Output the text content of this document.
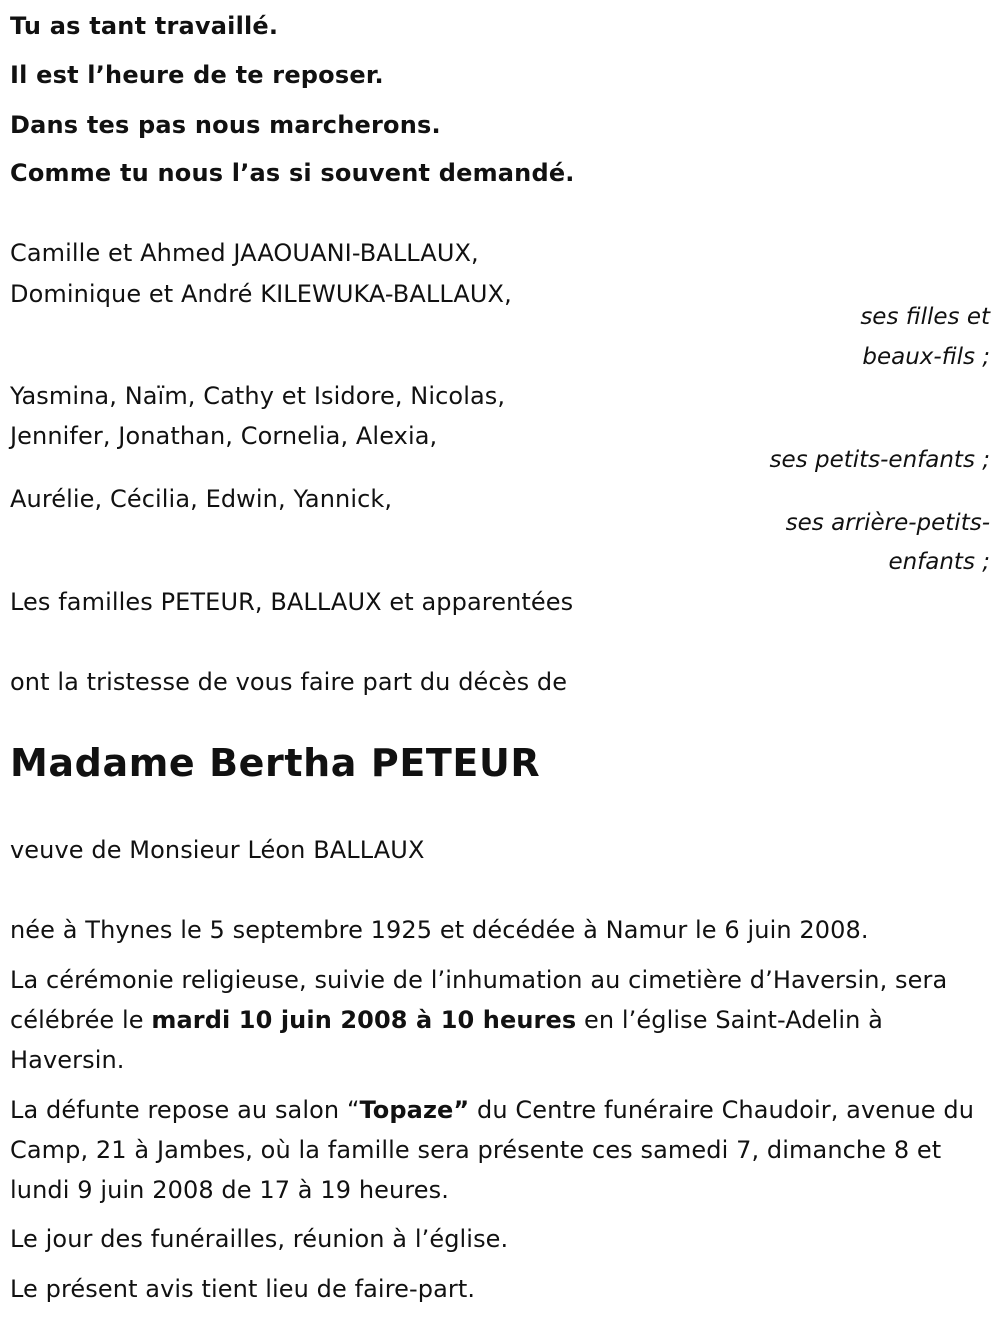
Tu as tant travaillé.

Il est l’heure de te reposer.

Dans tes pas nous marcherons.

Comme tu nous l’as si souvent demandé.

Camille et Ahmed JAAOUANI-BALLAUX,

Dominique et André KILEWUKA-BALLAUX,

ses filles et

beaux-fils ;

Yasmina, Naïm, Cathy et Isidore, Nicolas,

Jennifer, Jonathan, Cornelia, Alexia,

ses petits-enfants ;

Aurélie, Cécilia, Edwin, Yannick,

ses arrière-petits-

enfants ;

Les familles PETEUR, BALLAUX et apparentées

ont la tristesse de vous faire part du décès de

Madame Bertha PETEUR

veuve de Monsieur Léon BALLAUX

née à Thynes le 5 septembre 1925 et décédée à Namur le 6 juin 2008.

La cérémonie religieuse, suivie de l’inhumation au cimetière d’Haversin, sera célébrée le mardi 10 juin 2008 à 10 heures en l’église Saint-Adelin à Haversin.

La défunte repose au salon “Topaze” du Centre funéraire Chaudoir, avenue du Camp, 21 à Jambes, où la famille sera présente ces samedi 7, dimanche 8 et lundi 9 juin 2008 de 17 à 19 heures.

Le jour des funérailles, réunion à l’église.

Le présent avis tient lieu de faire-part.
